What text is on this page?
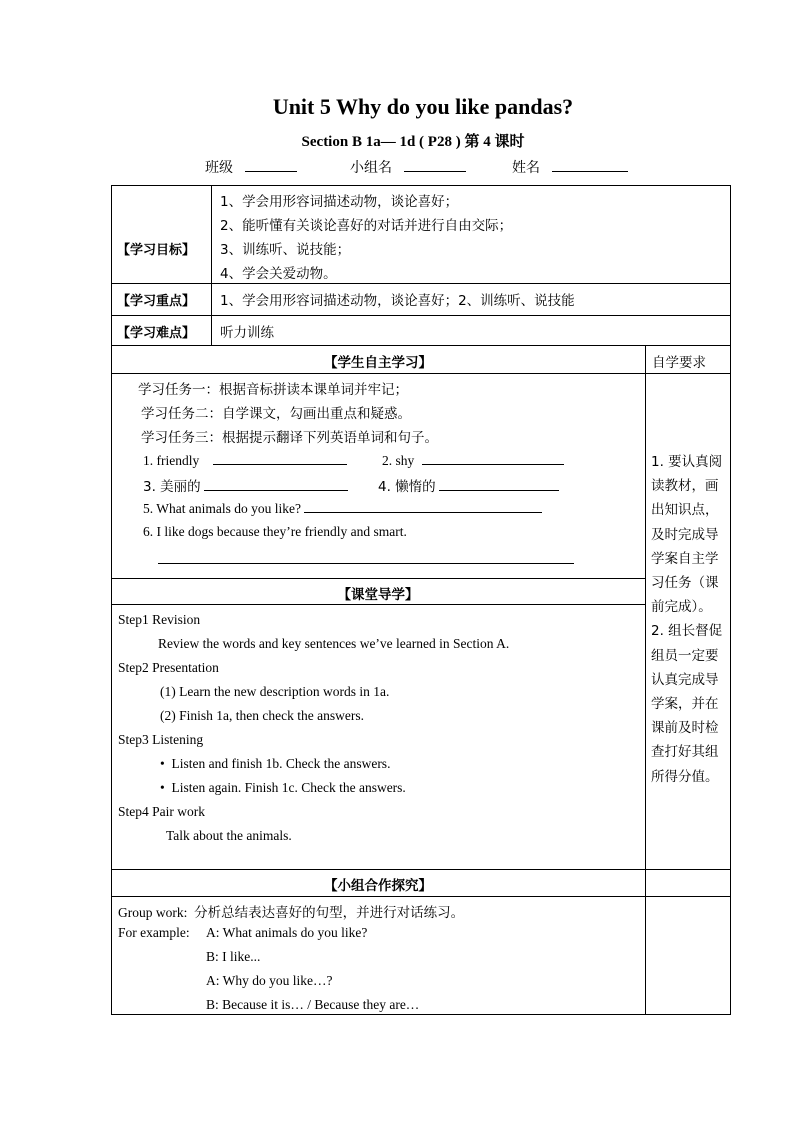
Unit 5 Why do you like pandas?
Section B 1a— 1d ( P28 ) 第 4 课时
班级	小组名	姓名
【学习目标】
1、学会用形容词描述动物，谈论喜好；
2、能听懂有关谈论喜好的对话并进行自由交际；
3、训练听、说技能；
4、学会关爱动物。
【学习重点】 1、学会用形容词描述动物，谈论喜好；2、训练听、说技能
【学习难点】 听力训练
【学生自主学习】	自学要求
学习任务一：根据音标拼读本课单词并牢记；
学习任务二：自学课文，勾画出重点和疑惑。
学习任务三：根据提示翻译下列英语单词和句子。
1. friendly	2. shy
3. 美丽的	4. 懒惰的
5. What animals do you like?
6. I like dogs because they’re friendly and smart.
1. 要认真阅
读教材，画
出知识点，
及时完成导
学案自主学
习任务（课
前完成）。
2. 组长督促
组员一定要
认真完成导
学案，并在
课前及时检
查打好其组
所得分值。
【课堂导学】
Step1 Revision
Review the words and key sentences we’ve learned in Section A.
Step2 Presentation
(1) Learn the new description words in 1a.
(2) Finish 1a, then check the answers.
Step3 Listening
• Listen and finish 1b. Check the answers.
• Listen again. Finish 1c. Check the answers.
Step4 Pair work
Talk about the animals.
【小组合作探究】
Group work: 分析总结表达喜好的句型，并进行对话练习。
For example: A: What animals do you like?
B: I like...
A: Why do you like…?
B: Because it is… / Because they are…
